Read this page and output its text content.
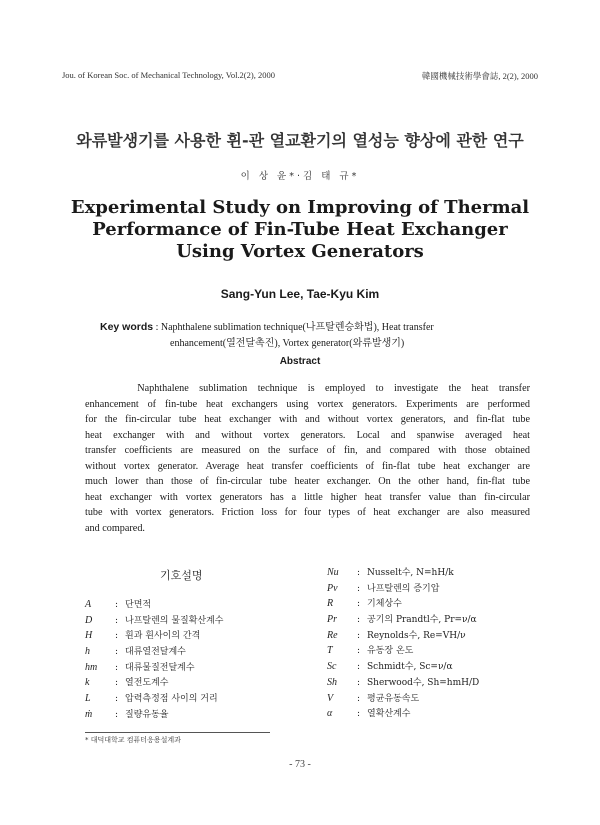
Jou. of Korean Soc. of Mechanical Technology, Vol.2(2), 2000	韓國機械技術學會誌, 2(2), 2000
와류발생기를 사용한 휜-관 열교환기의 열성능 향상에 관한 연구
이 상 윤*·김 태 규*
Experimental Study on Improving of Thermal
Performance of Fin-Tube Heat Exchanger
Using Vortex Generators
Sang-Yun Lee, Tae-Kyu Kim
Key words : Naphthalene sublimation technique(나프탈렌승화법), Heat transfer
enhancement(열전달촉진), Vortex generator(와류발생기)
Abstract
Naphthalene sublimation technique is employed to investigate the heat transfer
enhancement of fin-tube heat exchangers using vortex generators. Experiments are performed
for the fin-circular tube heat exchanger with and without vortex generators, and fin-flat tube
heat exchanger with and without vortex generators. Local and spanwise averaged heat
transfer coefficients are measured on the surface of fin, and compared with those obtained
without vortex generator. Average heat transfer coefficients of fin-flat tube heat exchanger are
much lower than those of fin-circular tube heater exchanger. On the other hand, fin-flat tube
heat exchanger with vortex generators has a little higher heat transfer value than fin-circular
tube with vortex generators. Friction loss for four types of heat exchanger are also measured
and compared.
기호설명
A	: 단면적
D	: 나프탈렌의 물질확산계수
H	: 휜과 휜사이의 간격
h	: 대류열전달계수
hm : 대류물질전달계수
k	: 열전도계수
L	: 압력측정점 사이의 거리
ṁ	: 질량유동율
Nu : Nusselt수, N=hH/k
Pv : 나프탈렌의 증기압
R	: 기체상수
Pr : 공기의 Prandtl수, Pr=ν/α
Re : Reynolds수, Re=VH/ν
T	: 유동장 온도
Sc : Schmidt수, Sc=ν/α
Sh : Sherwood수, Sh=hmH/D
V	: 평균유동속도
α	: 열확산계수
* 대덕대학교 컴퓨터응용설계과
- 73 -
